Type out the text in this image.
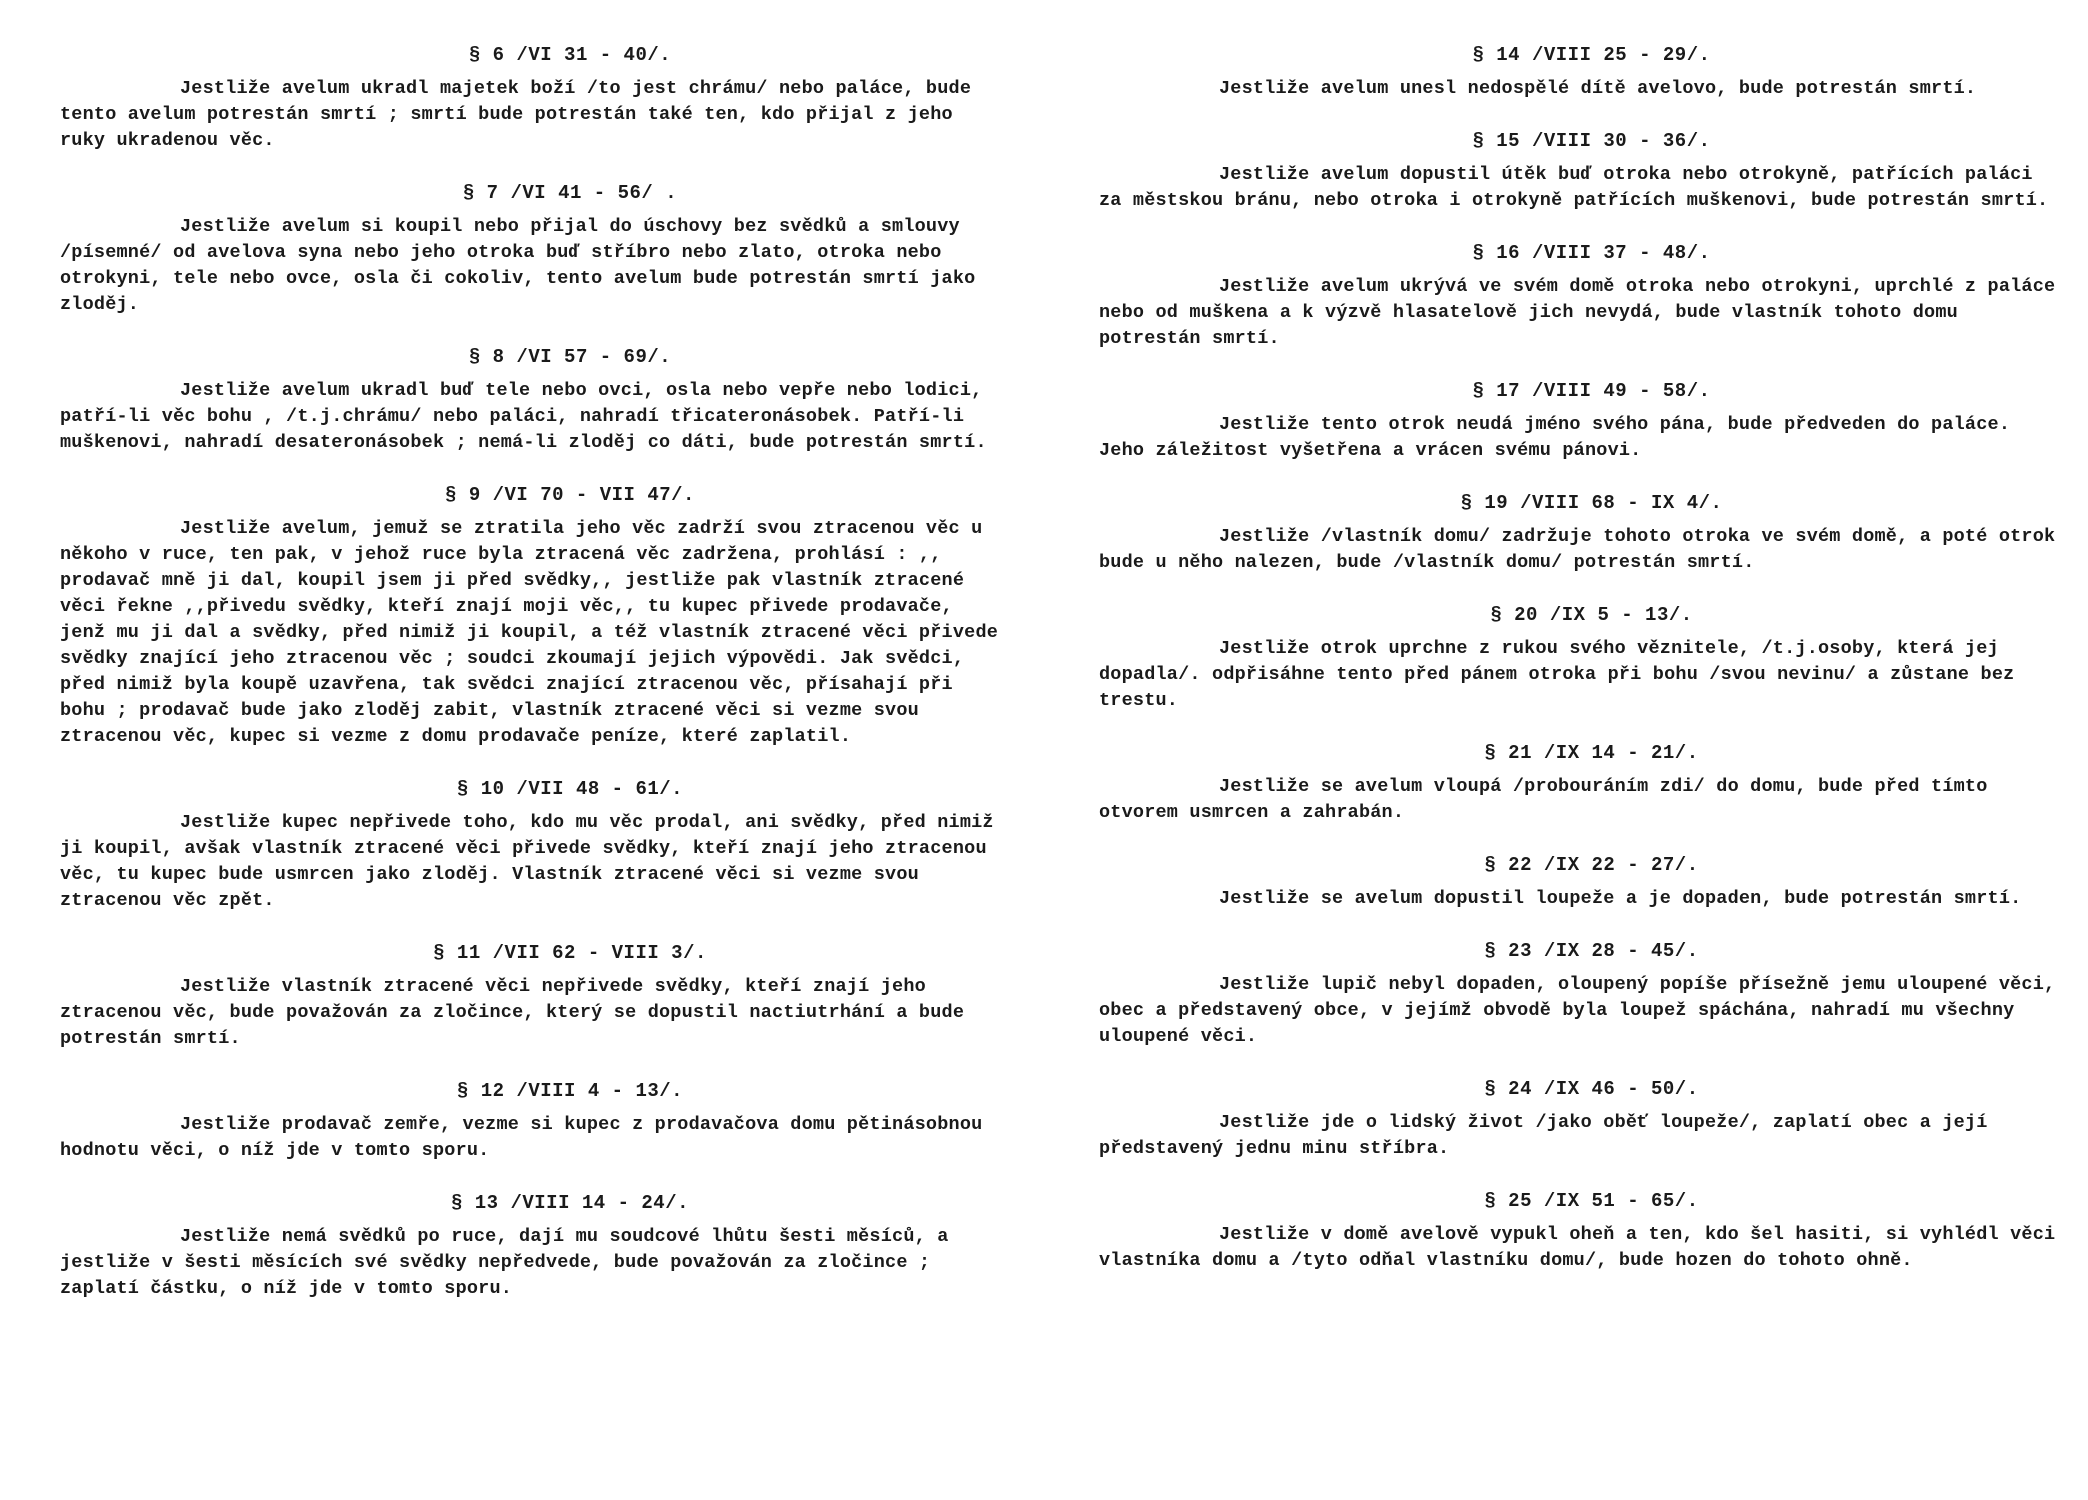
§ 6 /VI 31 - 40/.

Jestliže avelum ukradl majetek boží /to jest chrámu/ nebo paláce, bude tento avelum potrestán smrtí ; smrtí bude potrestán také ten, kdo přijal z jeho ruky ukradenou věc.

§ 7 /VI 41 - 56/ .

Jestliže avelum si koupil nebo přijal do úschovy bez svědků a smlouvy /písemné/ od avelova syna nebo jeho otroka buď stříbro nebo zlato, otroka nebo otrokyni, tele nebo ovce, osla či cokoliv, tento avelum bude potrestán smrtí jako zloděj.

§ 8 /VI 57 - 69/.

Jestliže avelum ukradl buď tele nebo ovci, osla nebo vepře nebo lodici, patří-li věc bohu , /t.j.chrámu/ nebo paláci, nahradí třicateronásobek. Patří-li muškenovi, nahradí desateronásobek ; nemá-li zloděj co dáti, bude potrestán smrtí.

§ 9 /VI 70 - VII 47/.

Jestliže avelum, jemuž se ztratila jeho věc zadrží svou ztracenou věc u někoho v ruce, ten pak, v jehož ruce byla ztracená věc zadržena, prohlásí : ,, prodavač mně ji dal, koupil jsem ji před svědky,, jestliže pak vlastník ztracené věci řekne ,,přivedu svědky, kteří znají moji věc,, tu kupec přivede prodavače, jenž mu ji dal a svědky, před nimiž ji koupil, a též vlastník ztracené věci přivede svědky znající jeho ztracenou věc ; soudci zkoumají jejich výpovědi. Jak svědci, před nimiž byla koupě uzavřena, tak svědci znající ztracenou věc, přísahají při bohu ; prodavač bude jako zloděj zabit, vlastník ztracené věci si vezme svou ztracenou věc, kupec si vezme z domu prodavače peníze, které zaplatil.

§ 10 /VII 48 - 61/.

Jestliže kupec nepřivede toho, kdo mu věc prodal, ani svědky, před nimiž ji koupil, avšak vlastník ztracené věci přivede svědky, kteří znají jeho ztracenou věc, tu kupec bude usmrcen jako zloděj. Vlastník ztracené věci si vezme svou ztracenou věc zpět.

§ 11 /VII 62 - VIII 3/.

Jestliže vlastník ztracené věci nepřivede svědky, kteří znají jeho ztracenou věc, bude považován za zločince, který se dopustil nactiutrhání a bude potrestán smrtí.

§ 12 /VIII 4 - 13/.

Jestliže prodavač zemře, vezme si kupec z prodavačova domu pětinásobnou hodnotu věci, o níž jde v tomto sporu.

§ 13 /VIII 14 - 24/.

Jestliže nemá svědků po ruce, dají mu soudcové lhůtu šesti měsíců, a jestliže v šesti měsících své svědky nepředvede, bude považován za zločince ; zaplatí částku, o níž jde v tomto sporu.

§ 14 /VIII 25 - 29/.

Jestliže avelum unesl nedospělé dítě avelovo, bude potrestán smrtí.

§ 15 /VIII 30 - 36/.

Jestliže avelum dopustil útěk buď otroka nebo otrokyně, patřících paláci za městskou bránu, nebo otroka i otrokyně patřících muškenovi, bude potrestán smrtí.

§ 16 /VIII 37 - 48/.

Jestliže avelum ukrývá ve svém domě otroka nebo otrokyni, uprchlé z paláce nebo od muškena a k výzvě hlasatelově jich nevydá, bude vlastník tohoto domu potrestán smrtí.

§ 17 /VIII 49 - 58/.

Jestliže tento otrok neudá jméno svého pána, bude předveden do paláce. Jeho záležitost vyšetřena a vrácen svému pánovi.

§ 19 /VIII 68 - IX 4/.

Jestliže /vlastník domu/ zadržuje tohoto otroka ve svém domě, a poté otrok bude u něho nalezen, bude /vlastník domu/ potrestán smrtí.

§ 20 /IX 5 - 13/.

Jestliže otrok uprchne z rukou svého věznitele, /t.j.osoby, která jej dopadla/. odpřisáhne tento před pánem otroka při bohu /svou nevinu/ a zůstane bez trestu.

§ 21 /IX 14 - 21/.

Jestliže se avelum vloupá /probouráním zdi/ do domu, bude před tímto otvorem usmrcen a zahrabán.

§ 22 /IX 22 - 27/.

Jestliže se avelum dopustil loupeže a je dopaden, bude potrestán smrtí.

§ 23 /IX 28 - 45/.

Jestliže lupič nebyl dopaden, oloupený popíše přísežně jemu uloupené věci, obec a představený obce, v jejímž obvodě byla loupež spáchána, nahradí mu všechny uloupené věci.

§ 24 /IX 46 - 50/.

Jestliže jde o lidský život /jako oběť loupeže/, zaplatí obec a její představený jednu minu stříbra.

§ 25 /IX 51 - 65/.

Jestliže v domě avelově vypukl oheň a ten, kdo šel hasiti, si vyhlédl věci vlastníka domu a /tyto odňal vlastníku domu/, bude hozen do tohoto ohně.
